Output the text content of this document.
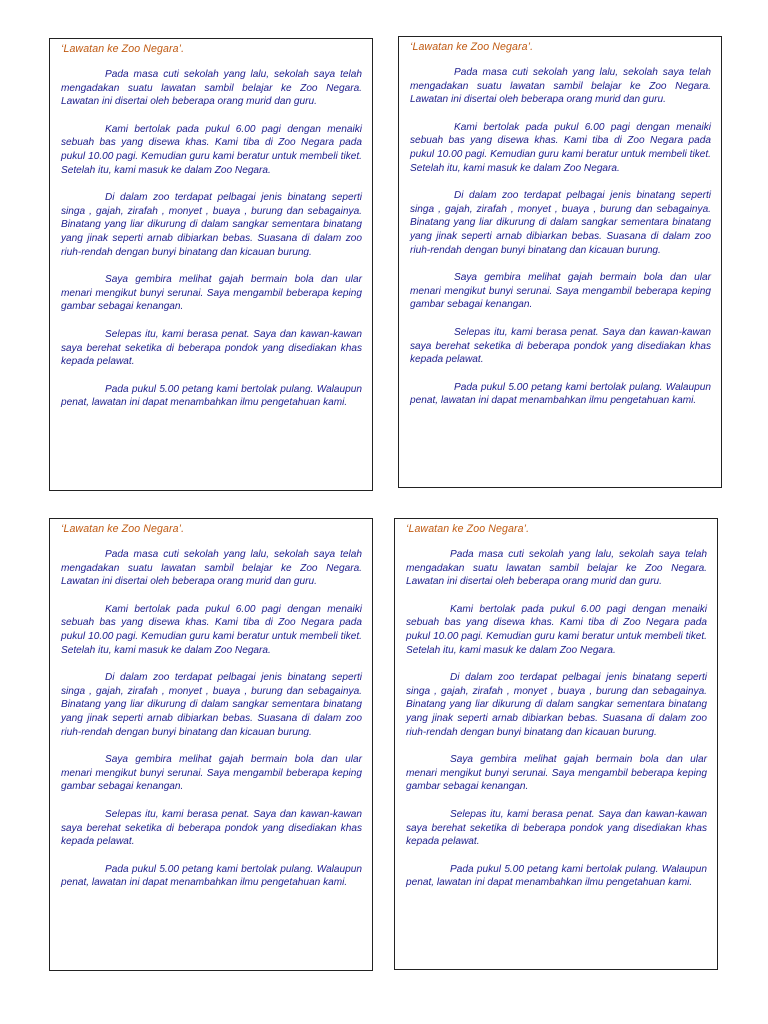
‘Lawatan ke Zoo Negara’.

Pada masa cuti sekolah yang lalu, sekolah saya telah mengadakan suatu lawatan sambil belajar ke Zoo Negara. Lawatan ini disertai oleh beberapa orang murid dan guru.

Kami bertolak pada pukul 6.00 pagi dengan menaiki sebuah bas yang disewa khas. Kami tiba di Zoo Negara pada pukul 10.00 pagi. Kemudian guru kami beratur untuk membeli tiket. Setelah itu, kami masuk ke dalam Zoo Negara.

Di dalam zoo terdapat pelbagai jenis binatang seperti singa , gajah, zirafah , monyet , buaya , burung dan sebagainya. Binatang yang liar dikurung di dalam sangkar sementara binatang yang jinak seperti arnab dibiarkan bebas. Suasana di dalam zoo riuh-rendah dengan bunyi binatang dan kicauan burung.

Saya gembira melihat gajah bermain bola dan ular menari mengikut bunyi serunai. Saya mengambil beberapa keping gambar sebagai kenangan.

Selepas itu, kami berasa penat. Saya dan kawan-kawan saya berehat seketika di beberapa pondok yang disediakan khas kepada pelawat.

Pada pukul 5.00 petang kami bertolak pulang. Walaupun penat, lawatan ini dapat menambahkan ilmu pengetahuan kami.

‘Lawatan ke Zoo Negara’.

Pada masa cuti sekolah yang lalu, sekolah saya telah mengadakan suatu lawatan sambil belajar ke Zoo Negara. Lawatan ini disertai oleh beberapa orang murid dan guru.

Kami bertolak pada pukul 6.00 pagi dengan menaiki sebuah bas yang disewa khas. Kami tiba di Zoo Negara pada pukul 10.00 pagi. Kemudian guru kami beratur untuk membeli tiket. Setelah itu, kami masuk ke dalam Zoo Negara.

Di dalam zoo terdapat pelbagai jenis binatang seperti singa , gajah, zirafah , monyet , buaya , burung dan sebagainya. Binatang yang liar dikurung di dalam sangkar sementara binatang yang jinak seperti arnab dibiarkan bebas. Suasana di dalam zoo riuh-rendah dengan bunyi binatang dan kicauan burung.

Saya gembira melihat gajah bermain bola dan ular menari mengikut bunyi serunai. Saya mengambil beberapa keping gambar sebagai kenangan.

Selepas itu, kami berasa penat. Saya dan kawan-kawan saya berehat seketika di beberapa pondok yang disediakan khas kepada pelawat.

Pada pukul 5.00 petang kami bertolak pulang. Walaupun penat, lawatan ini dapat menambahkan ilmu pengetahuan kami.

‘Lawatan ke Zoo Negara’.

Pada masa cuti sekolah yang lalu, sekolah saya telah mengadakan suatu lawatan sambil belajar ke Zoo Negara. Lawatan ini disertai oleh beberapa orang murid dan guru.

Kami bertolak pada pukul 6.00 pagi dengan menaiki sebuah bas yang disewa khas. Kami tiba di Zoo Negara pada pukul 10.00 pagi. Kemudian guru kami beratur untuk membeli tiket. Setelah itu, kami masuk ke dalam Zoo Negara.

Di dalam zoo terdapat pelbagai jenis binatang seperti singa , gajah, zirafah , monyet , buaya , burung dan sebagainya. Binatang yang liar dikurung di dalam sangkar sementara binatang yang jinak seperti arnab dibiarkan bebas. Suasana di dalam zoo riuh-rendah dengan bunyi binatang dan kicauan burung.

Saya gembira melihat gajah bermain bola dan ular menari mengikut bunyi serunai. Saya mengambil beberapa keping gambar sebagai kenangan.

Selepas itu, kami berasa penat. Saya dan kawan-kawan saya berehat seketika di beberapa pondok yang disediakan khas kepada pelawat.

Pada pukul 5.00 petang kami bertolak pulang. Walaupun penat, lawatan ini dapat menambahkan ilmu pengetahuan kami.

‘Lawatan ke Zoo Negara’.

Pada masa cuti sekolah yang lalu, sekolah saya telah mengadakan suatu lawatan sambil belajar ke Zoo Negara. Lawatan ini disertai oleh beberapa orang murid dan guru.

Kami bertolak pada pukul 6.00 pagi dengan menaiki sebuah bas yang disewa khas. Kami tiba di Zoo Negara pada pukul 10.00 pagi. Kemudian guru kami beratur untuk membeli tiket. Setelah itu, kami masuk ke dalam Zoo Negara.

Di dalam zoo terdapat pelbagai jenis binatang seperti singa , gajah, zirafah , monyet , buaya , burung dan sebagainya. Binatang yang liar dikurung di dalam sangkar sementara binatang yang jinak seperti arnab dibiarkan bebas. Suasana di dalam zoo riuh-rendah dengan bunyi binatang dan kicauan burung.

Saya gembira melihat gajah bermain bola dan ular menari mengikut bunyi serunai. Saya mengambil beberapa keping gambar sebagai kenangan.

Selepas itu, kami berasa penat. Saya dan kawan-kawan saya berehat seketika di beberapa pondok yang disediakan khas kepada pelawat.

Pada pukul 5.00 petang kami bertolak pulang. Walaupun penat, lawatan ini dapat menambahkan ilmu pengetahuan kami.
